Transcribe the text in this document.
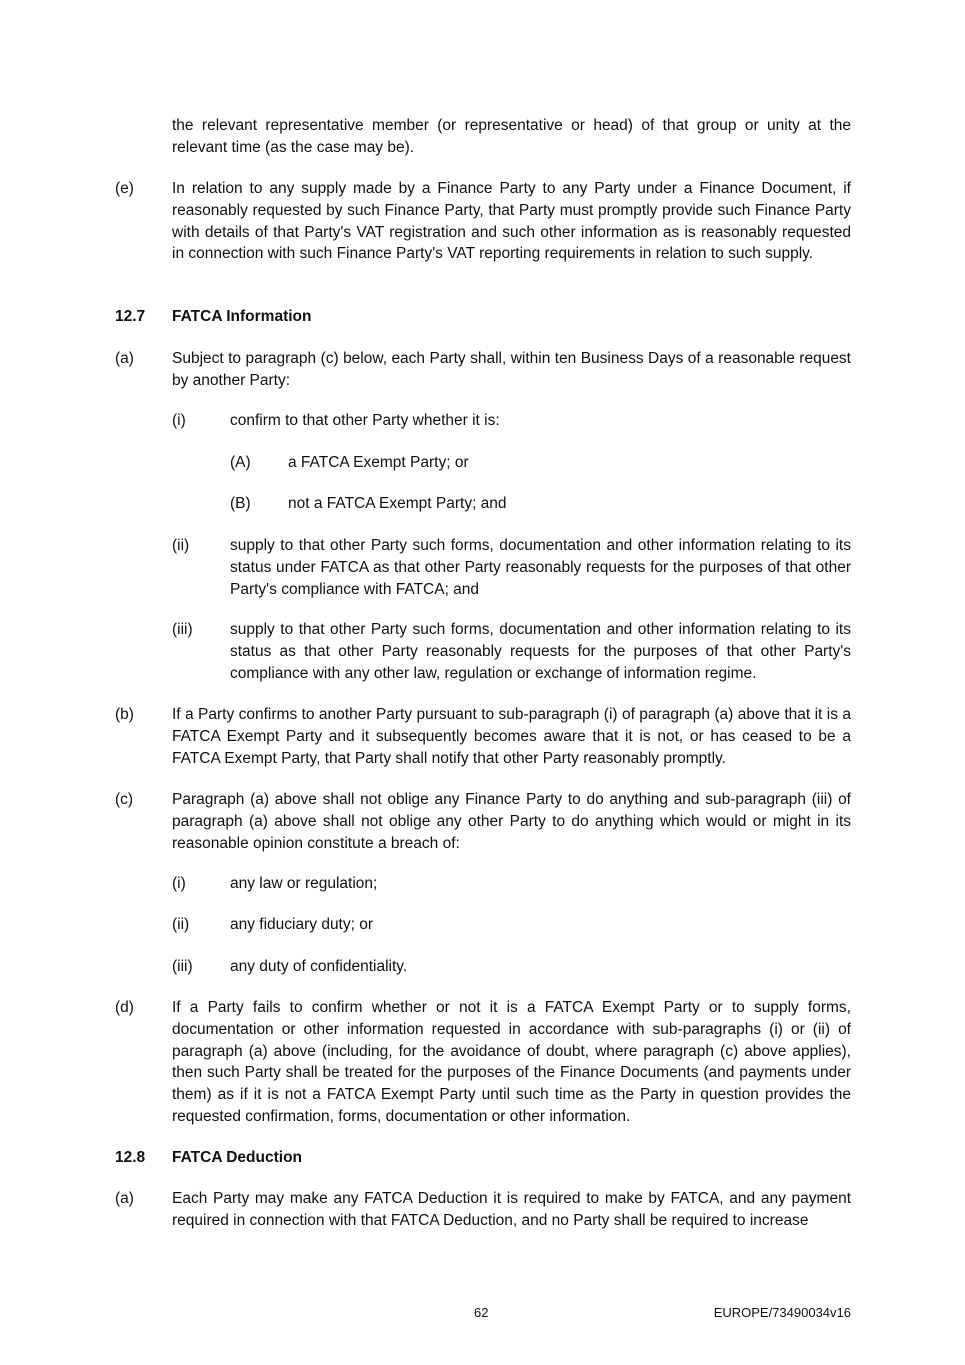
the relevant representative member (or representative or head) of that group or unity at the relevant time (as the case may be).
(e) In relation to any supply made by a Finance Party to any Party under a Finance Document, if reasonably requested by such Finance Party, that Party must promptly provide such Finance Party with details of that Party's VAT registration and such other information as is reasonably requested in connection with such Finance Party's VAT reporting requirements in relation to such supply.
12.7 FATCA Information
(a) Subject to paragraph (c) below, each Party shall, within ten Business Days of a reasonable request by another Party:
(i)	confirm to that other Party whether it is:
(A) a FATCA Exempt Party; or
(B) not a FATCA Exempt Party; and
(ii)	supply to that other Party such forms, documentation and other information relating to its status under FATCA as that other Party reasonably requests for the purposes of that other Party's compliance with FATCA; and
(iii) supply to that other Party such forms, documentation and other information relating to its status as that other Party reasonably requests for the purposes of that other Party's compliance with any other law, regulation or exchange of information regime.
(b) If a Party confirms to another Party pursuant to sub-paragraph (i) of paragraph (a) above that it is a FATCA Exempt Party and it subsequently becomes aware that it is not, or has ceased to be a FATCA Exempt Party, that Party shall notify that other Party reasonably promptly.
(c)	Paragraph (a) above shall not oblige any Finance Party to do anything and sub-paragraph (iii) of paragraph (a) above shall not oblige any other Party to do anything which would or might in its reasonable opinion constitute a breach of:
(i)	any law or regulation;
(ii)	any fiduciary duty; or
(iii) any duty of confidentiality.
(d) If a Party fails to confirm whether or not it is a FATCA Exempt Party or to supply forms, documentation or other information requested in accordance with sub-paragraphs (i) or (ii) of paragraph (a) above (including, for the avoidance of doubt, where paragraph (c) above applies), then such Party shall be treated for the purposes of the Finance Documents (and payments under them) as if it is not a FATCA Exempt Party until such time as the Party in question provides the requested confirmation, forms, documentation or other information.
12.8 FATCA Deduction
(a) Each Party may make any FATCA Deduction it is required to make by FATCA, and any payment required in connection with that FATCA Deduction, and no Party shall be required to increase
62	EUROPE/73490034v16
